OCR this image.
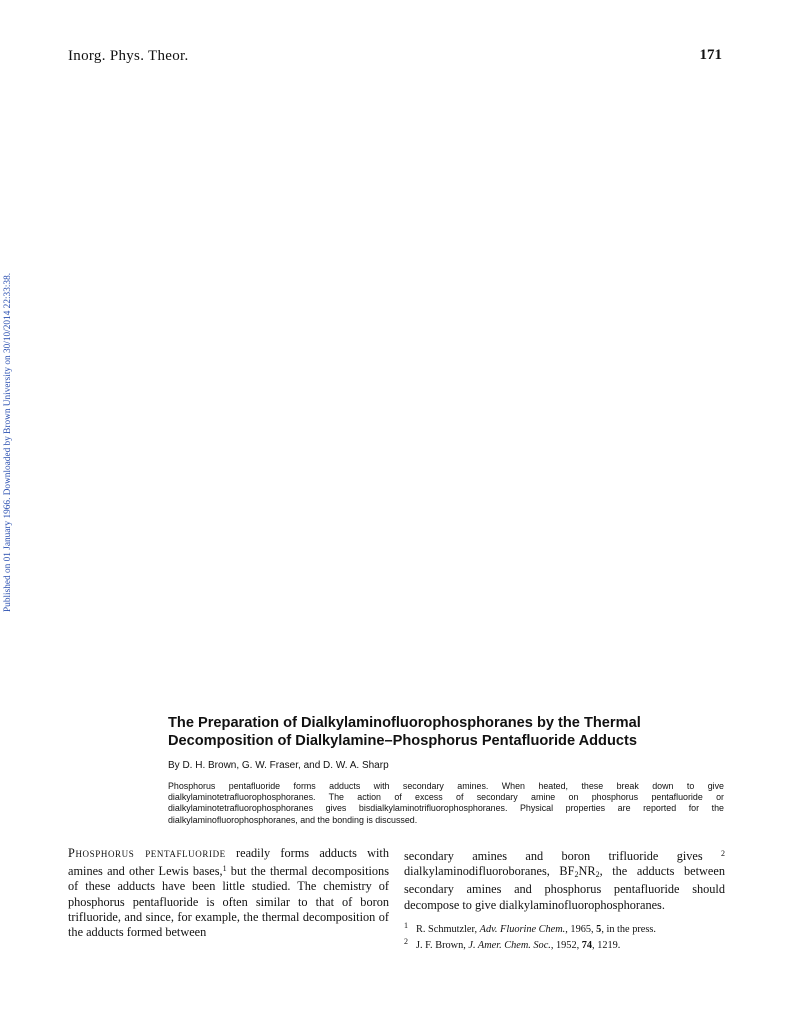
Inorg. Phys. Theor.	171
Published on 01 January 1966. Downloaded by Brown University on 30/10/2014 22:33:38.
The Preparation of Dialkylaminofluorophosphoranes by the Thermal
Decomposition of Dialkylamine–Phosphorus Pentafluoride Adducts
By D. H. Brown, G. W. Fraser, and D. W. A. Sharp
Phosphorus pentafluoride forms adducts with secondary amines. When heated, these break down to give dialkylaminotetrafluorophosphoranes. The action of excess of secondary amine on phosphorus pentafluoride or dialkylaminotetrafluorophosphoranes gives bisdialkylaminotrifluorophosphoranes. Physical properties are reported for the dialkylaminofluorophosphoranes, and the bonding is discussed.
Phosphorus pentafluoride readily forms adducts with amines and other Lewis bases,$^1$ but the thermal decompositions of these adducts have been little studied. The chemistry of phosphorus pentafluoride is often similar to that of boron trifluoride, and since, for example, the thermal decomposition of the adducts formed between
secondary amines and boron trifluoride gives $^2$ dialkylaminodifluoroboranes, $BF_2NR_2$, the adducts between secondary amines and phosphorus pentafluoride should decompose to give dialkylaminofluorophosphoranes.
$^1$ R. Schmutzler, Adv. Fluorine Chem., 1965, 5, in the press.
$^2$ J. F. Brown, J. Amer. Chem. Soc., 1952, 74, 1219.
